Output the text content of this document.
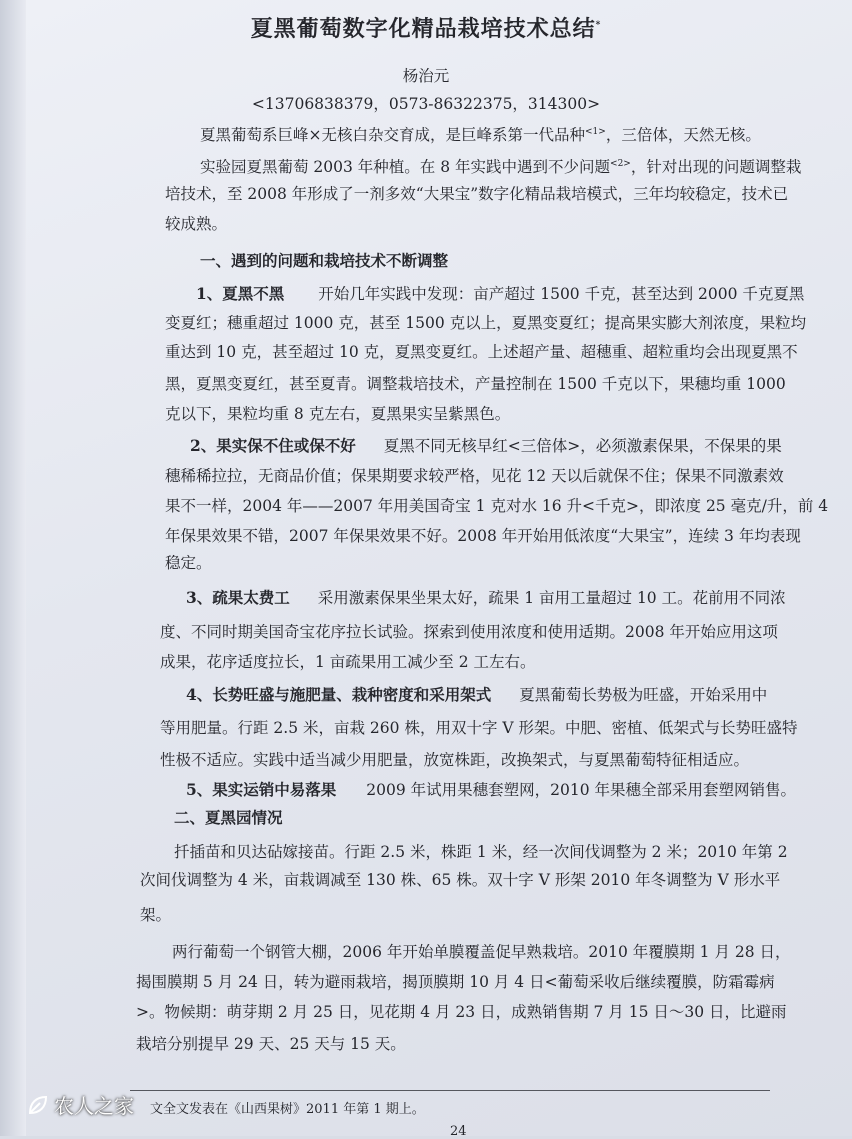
夏黑葡萄数字化精品栽培技术总结*
杨治元
<13706838379，0573-86322375，314300>
夏黑葡萄系巨峰×无核白杂交育成，是巨峰系第一代品种$^{<1>}$，三倍体，天然无核。
实验园夏黑葡萄 2003 年种植。在 8 年实践中遇到不少问题$^{<2>}$，针对出现的问题调整栽
培技术，至 2008 年形成了一剂多效“大果宝”数字化精品栽培模式，三年均较稳定，技术已
较成熟。
一、遇到的问题和栽培技术不断调整
1、夏黑不黑 开始几年实践中发现：亩产超过 1500 千克，甚至达到 2000 千克夏黑
变夏红；穗重超过 1000 克，甚至 1500 克以上，夏黑变夏红；提高果实膨大剂浓度，果粒均
重达到 10 克，甚至超过 10 克，夏黑变夏红。上述超产量、超穗重、超粒重均会出现夏黑不
黑，夏黑变夏红，甚至夏青。调整栽培技术，产量控制在 1500 千克以下，果穗均重 1000
克以下，果粒均重 8 克左右，夏黑果实呈紫黑色。
2、果实保不住或保不好 夏黑不同无核早红<三倍体>，必须激素保果，不保果的果
穗稀稀拉拉，无商品价值；保果期要求较严格，见花 12 天以后就保不住；保果不同激素效
果不一样，2004 年——2007 年用美国奇宝 1 克对水 16 升<千克>，即浓度 25 毫克/升，前 4
年保果效果不错，2007 年保果效果不好。2008 年开始用低浓度“大果宝”，连续 3 年均表现
稳定。
3、疏果太费工 采用激素保果坐果太好，疏果 1 亩用工量超过 10 工。花前用不同浓
度、不同时期美国奇宝花序拉长试验。探索到使用浓度和使用适期。2008 年开始应用这项
成果，花序适度拉长，1 亩疏果用工减少至 2 工左右。
4、长势旺盛与施肥量、栽种密度和采用架式 夏黑葡萄长势极为旺盛，开始采用中
等用肥量。行距 2.5 米，亩栽 260 株，用双十字 V 形架。中肥、密植、低架式与长势旺盛特
性极不适应。实践中适当减少用肥量，放宽株距，改换架式，与夏黑葡萄特征相适应。
5、果实运销中易落果 2009 年试用果穗套塑网，2010 年果穗全部采用套塑网销售。
二、夏黑园情况
扦插苗和贝达砧嫁接苗。行距 2.5 米，株距 1 米，经一次间伐调整为 2 米；2010 年第 2
次间伐调整为 4 米，亩栽调减至 130 株、65 株。双十字 V 形架 2010 年冬调整为 V 形水平
架。
两行葡萄一个钢管大棚，2006 年开始单膜覆盖促早熟栽培。2010 年覆膜期 1 月 28 日，
揭围膜期 5 月 24 日，转为避雨栽培，揭顶膜期 10 月 4 日<葡萄采收后继续覆膜，防霜霉病
>。物候期：萌芽期 2 月 25 日，见花期 4 月 23 日，成熟销售期 7 月 15 日～30 日，比避雨
栽培分别提早 29 天、25 天与 15 天。
文全文发表在《山西果树》2011 年第 1 期上。
24
农人之家
